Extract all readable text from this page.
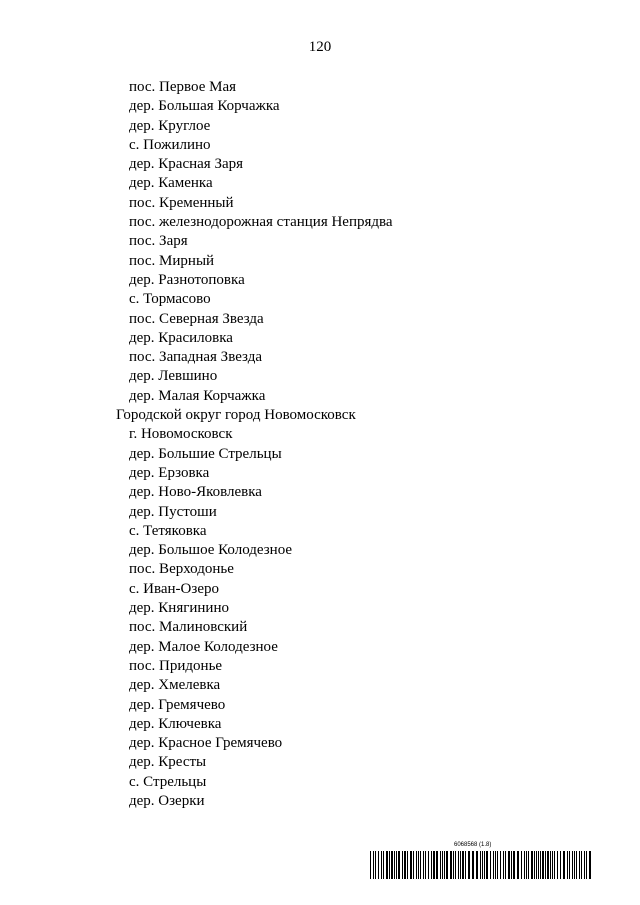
120
пос. Первое Мая
дер. Большая Корчажка
дер. Круглое
с. Пожилино
дер. Красная Заря
дер. Каменка
пос. Кременный
пос. железнодорожная станция Непрядва
пос. Заря
пос. Мирный
дер. Разнотоповка
с. Тормасово
пос. Северная Звезда
дер. Красиловка
пос. Западная Звезда
дер. Левшино
дер. Малая Корчажка
Городской округ город Новомосковск
г. Новомосковск
дер. Большие Стрельцы
дер. Ерзовка
дер. Ново-Яковлевка
дер. Пустоши
с. Тетяковка
дер. Большое Колодезное
пос. Верходонье
с. Иван-Озеро
дер. Княгинино
пос. Малиновский
дер. Малое Колодезное
пос. Придонье
дер. Хмелевка
дер. Гремячево
дер. Ключевка
дер. Красное Гремячево
дер. Кресты
с. Стрельцы
дер. Озерки
6068568 (1.8)
